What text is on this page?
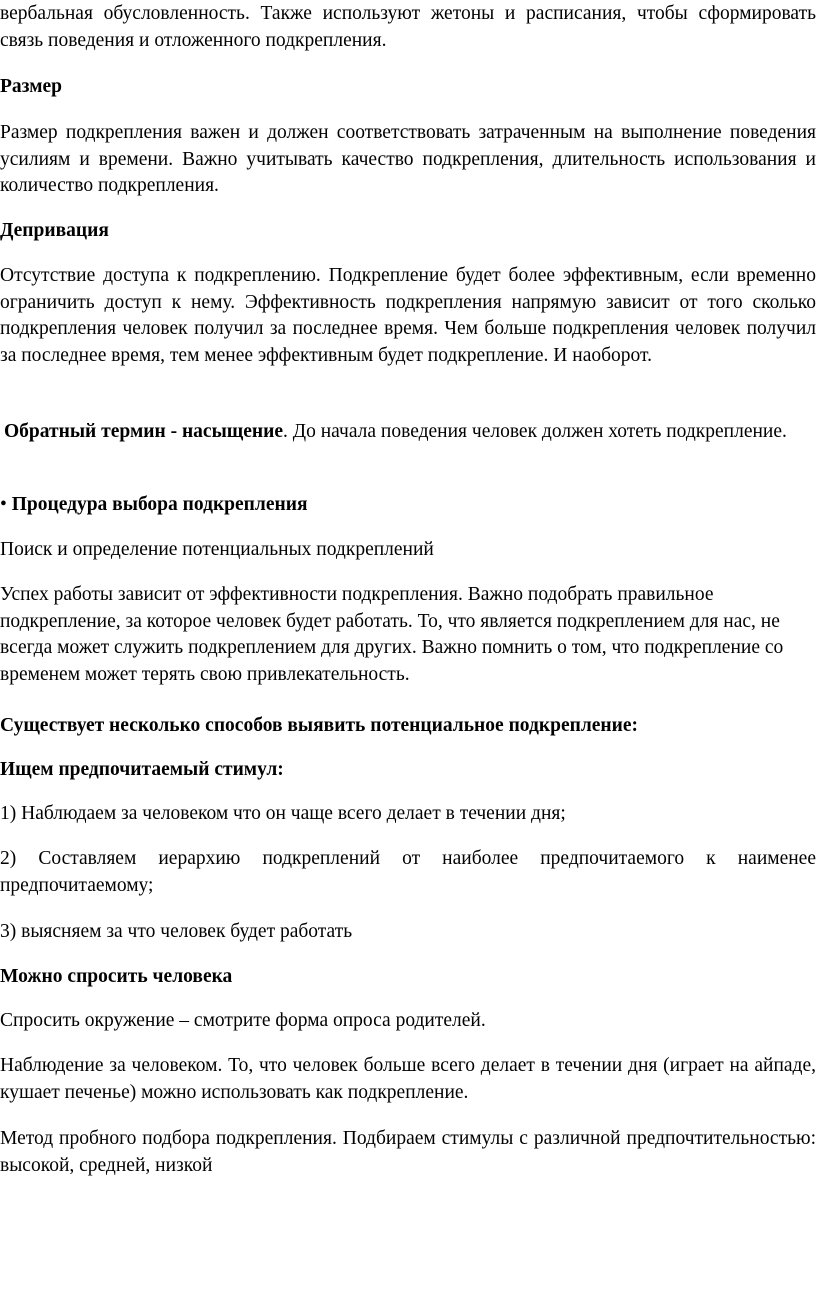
вербальная обусловленность. Также используют жетоны и расписания, чтобы сформировать связь поведения и отложенного подкрепления.

Размер

Размер подкрепления важен и должен соответствовать затраченным на выполнение поведения усилиям и времени. Важно учитывать качество подкрепления, длительность использования и количество подкрепления.

Депривация

Отсутствие доступа к подкреплению. Подкрепление будет более эффективным, если временно ограничить доступ к нему. Эффективность подкрепления напрямую зависит от того сколько подкрепления человек получил за последнее время. Чем больше подкрепления человек получил за последнее время, тем менее эффективным будет подкрепление. И наоборот.

Обратный термин - насыщение. До начала поведения человек должен хотеть подкрепление.

• Процедура выбора подкрепления

Поиск и определение потенциальных подкреплений

Успех работы зависит от эффективности подкрепления. Важно подобрать правильное подкрепление, за которое человек будет работать. То, что является подкреплением для нас, не всегда может служить подкреплением для других. Важно помнить о том, что подкрепление со временем может терять свою привлекательность.

Существует несколько способов выявить потенциальное подкрепление:

Ищем предпочитаемый стимул:

1) Наблюдаем за человеком что он чаще всего делает в течении дня;

2) Составляем иерархию подкреплений от наиболее предпочитаемого к наименее предпочитаемому;

3) выясняем за что человек будет работать

Можно спросить человека

Спросить окружение – смотрите форма опроса родителей.

Наблюдение за человеком. То, что человек больше всего делает в течении дня (играет на айпаде, кушает печенье) можно использовать как подкрепление.

Метод пробного подбора подкрепления. Подбираем стимулы с различной предпочтительностью: высокой, средней, низкой
